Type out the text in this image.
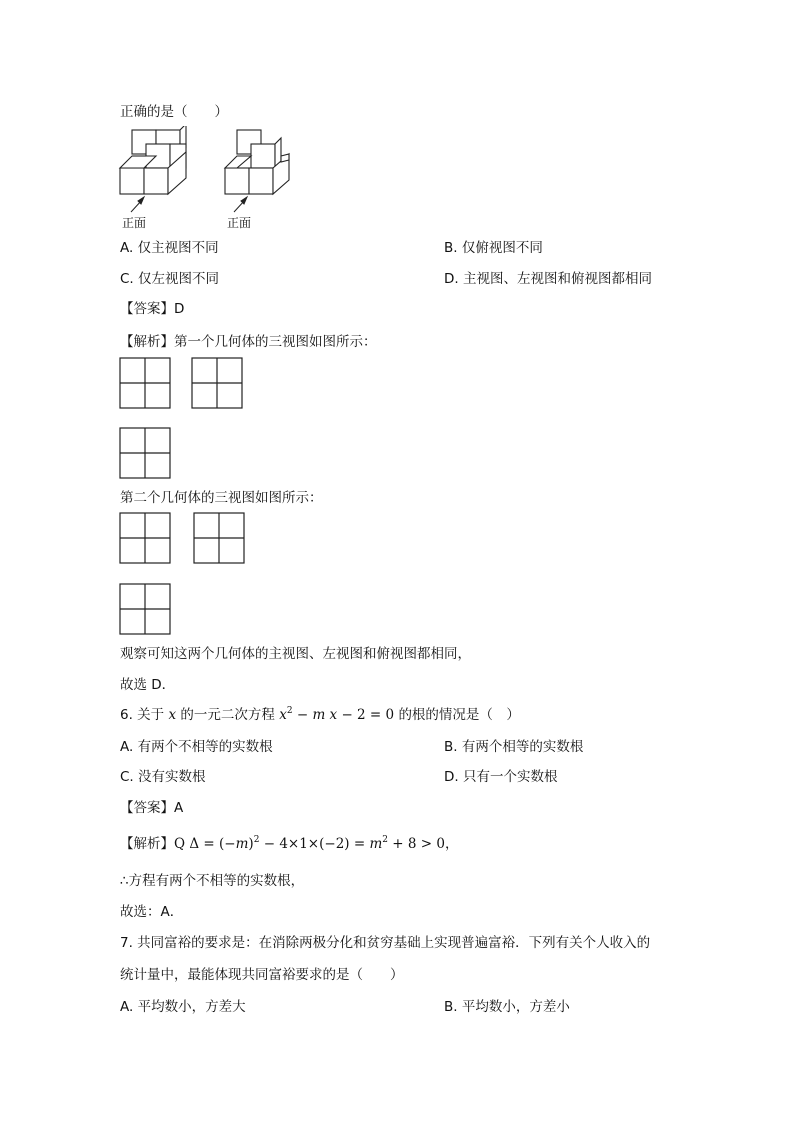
正确的是（　　）
正面	正面
A. 仅主视图不同	B. 仅俯视图不同
C. 仅左视图不同	D. 主视图、左视图和俯视图都相同
【答案】D
【解析】第一个几何体的三视图如图所示：
第二个几何体的三视图如图所示：
观察可知这两个几何体的主视图、左视图和俯视图都相同，
故选 D．
6. 关于 x 的一元二次方程 $x^2 - m$ x − 2 = 0 的根的情况是（　）
A. 有两个不相等的实数根	B. 有两个相等的实数根
C. 没有实数根	D. 只有一个实数根
【答案】A
【解析】Q $\Delta = (-m)^2 - 4\times 1\times(-2) = m^2 + 8 > 0$，
∴方程有两个不相等的实数根，
故选：A．
7. 共同富裕的要求是：在消除两极分化和贫穷基础上实现普遍富裕．下列有关个人收入的
统计量中，最能体现共同富裕要求的是（　　）
A. 平均数小，方差大	B. 平均数小，方差小
